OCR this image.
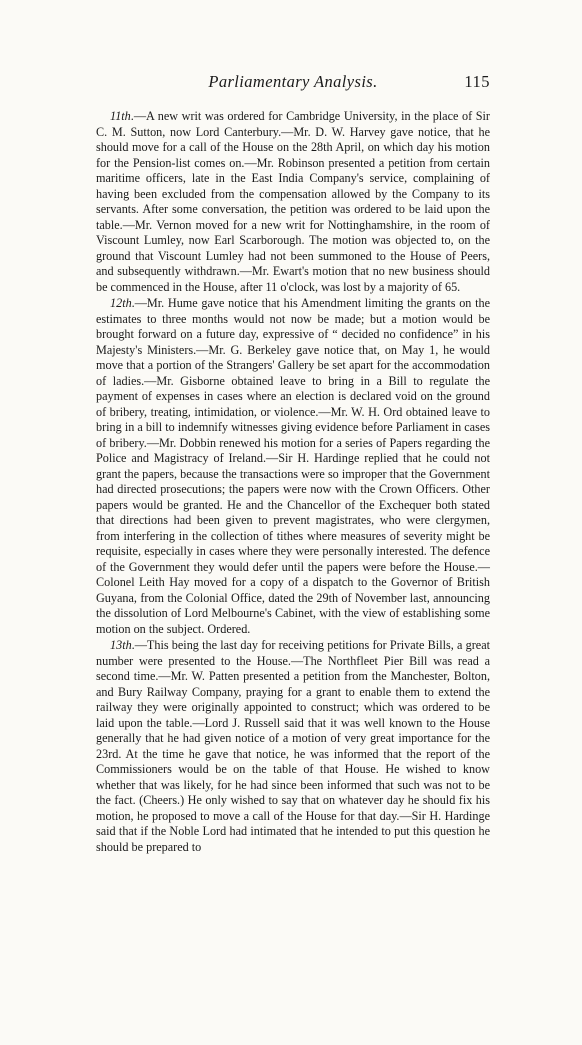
Parliamentary Analysis.	115

11th.—A new writ was ordered for Cambridge University, in the place of Sir C. M. Sutton, now Lord Canterbury.—Mr. D. W. Harvey gave notice, that he should move for a call of the House on the 28th April, on which day his motion for the Pension-list comes on.—Mr. Robinson presented a petition from certain maritime officers, late in the East India Company's service, complaining of having been excluded from the compensation allowed by the Company to its servants. After some conversation, the petition was ordered to be laid upon the table.—Mr. Vernon moved for a new writ for Nottinghamshire, in the room of Viscount Lumley, now Earl Scarborough. The motion was objected to, on the ground that Viscount Lumley had not been summoned to the House of Peers, and subsequently withdrawn.—Mr. Ewart's motion that no new business should be commenced in the House, after 11 o'clock, was lost by a majority of 65.

12th.—Mr. Hume gave notice that his Amendment limiting the grants on the estimates to three months would not now be made; but a motion would be brought forward on a future day, expressive of “ decided no confidence” in his Majesty's Ministers.—Mr. G. Berkeley gave notice that, on May 1, he would move that a portion of the Strangers' Gallery be set apart for the accommodation of ladies.—Mr. Gisborne obtained leave to bring in a Bill to regulate the payment of expenses in cases where an election is declared void on the ground of bribery, treating, intimidation, or violence.—Mr. W. H. Ord obtained leave to bring in a bill to indemnify witnesses giving evidence before Parliament in cases of bribery.—Mr. Dobbin renewed his motion for a series of Papers regarding the Police and Magistracy of Ireland.—Sir H. Hardinge replied that he could not grant the papers, because the transactions were so improper that the Government had directed prosecutions; the papers were now with the Crown Officers. Other papers would be granted. He and the Chancellor of the Exchequer both stated that directions had been given to prevent magistrates, who were clergymen, from interfering in the collection of tithes where measures of severity might be requisite, especially in cases where they were personally interested. The defence of the Government they would defer until the papers were before the House.—Colonel Leith Hay moved for a copy of a dispatch to the Governor of British Guyana, from the Colonial Office, dated the 29th of November last, announcing the dissolution of Lord Melbourne's Cabinet, with the view of establishing some motion on the subject. Ordered.

13th.—This being the last day for receiving petitions for Private Bills, a great number were presented to the House.—The Northfleet Pier Bill was read a second time.—Mr. W. Patten presented a petition from the Manchester, Bolton, and Bury Railway Company, praying for a grant to enable them to extend the railway they were originally appointed to construct; which was ordered to be laid upon the table.—Lord J. Russell said that it was well known to the House generally that he had given notice of a motion of very great importance for the 23rd. At the time he gave that notice, he was informed that the report of the Commissioners would be on the table of that House. He wished to know whether that was likely, for he had since been informed that such was not to be the fact. (Cheers.) He only wished to say that on whatever day he should fix his motion, he proposed to move a call of the House for that day.—Sir H. Hardinge said that if the Noble Lord had intimated that he intended to put this question he should be prepared to
